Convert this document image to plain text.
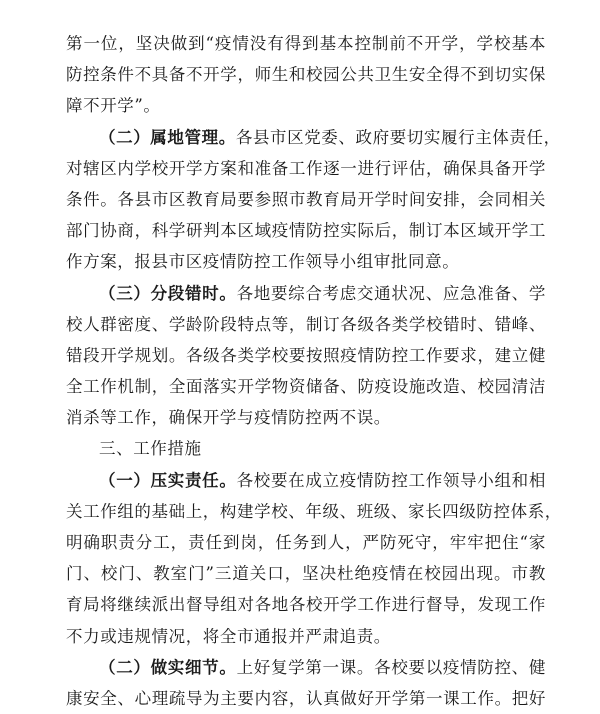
第一位，坚决做到“疫情没有得到基本控制前不开学，学校基本
防控条件不具备不开学，师生和校园公共卫生安全得不到切实保
障不开学”。
（二）属地管理。各县市区党委、政府要切实履行主体责任，
对辖区内学校开学方案和准备工作逐一进行评估，确保具备开学
条件。各县市区教育局要参照市教育局开学时间安排，会同相关
部门协商，科学研判本区域疫情防控实际后，制订本区域开学工
作方案，报县市区疫情防控工作领导小组审批同意。
（三）分段错时。各地要综合考虑交通状况、应急准备、学
校人群密度、学龄阶段特点等，制订各级各类学校错时、错峰、
错段开学规划。各级各类学校要按照疫情防控工作要求，建立健
全工作机制，全面落实开学物资储备、防疫设施改造、校园清洁
消杀等工作，确保开学与疫情防控两不误。
三、工作措施
（一）压实责任。各校要在成立疫情防控工作领导小组和相
关工作组的基础上，构建学校、年级、班级、家长四级防控体系，
明确职责分工，责任到岗，任务到人，严防死守，牢牢把住“家
门、校门、教室门”三道关口，坚决杜绝疫情在校园出现。市教
育局将继续派出督导组对各地各校开学工作进行督导，发现工作
不力或违规情况，将全市通报并严肃追责。
（二）做实细节。上好复学第一课。各校要以疫情防控、健
康安全、心理疏导为主要内容，认真做好开学第一课工作。把好
